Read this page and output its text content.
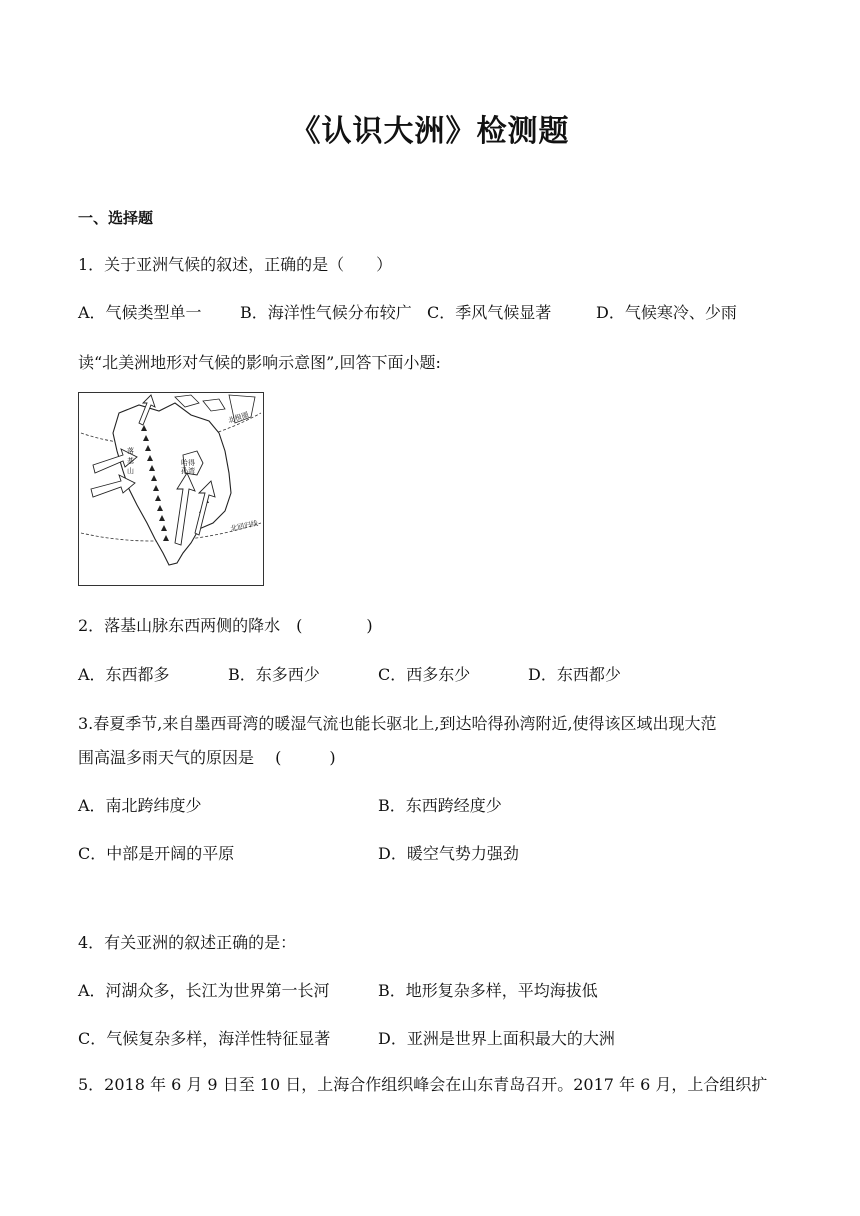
《认识大洲》检测题
一、选择题
1．关于亚洲气候的叙述，正确的是（　　）
A．气候类型单一 B．海洋性气候分布较广 C．季风气候显著	D．气候寒冷、少雨
读“北美洲地形对气候的影响示意图”,回答下面小题:
北极圈
北回归线
落
基
山
哈得
孙湾
2．落基山脉东西两侧的降水　(　　　　)
A．东西都多	B．东多西少	C．西多东少	D．东西都少
3.春夏季节,来自墨西哥湾的暖湿气流也能长驱北上,到达哈得孙湾附近,使得该区域出现大范
围高温多雨天气的原因是　 (　　　)
A．南北跨纬度少	B．东西跨经度少
C．中部是开阔的平原	D．暖空气势力强劲
4．有关亚洲的叙述正确的是：
A．河湖众多，长江为世界第一长河	B．地形复杂多样，平均海拔低
C．气候复杂多样，海洋性特征显著	D．亚洲是世界上面积最大的大洲
5．2018 年 6 月 9 日至 10 日，上海合作组织峰会在山东青岛召开。2017 年 6 月，上合组织扩
